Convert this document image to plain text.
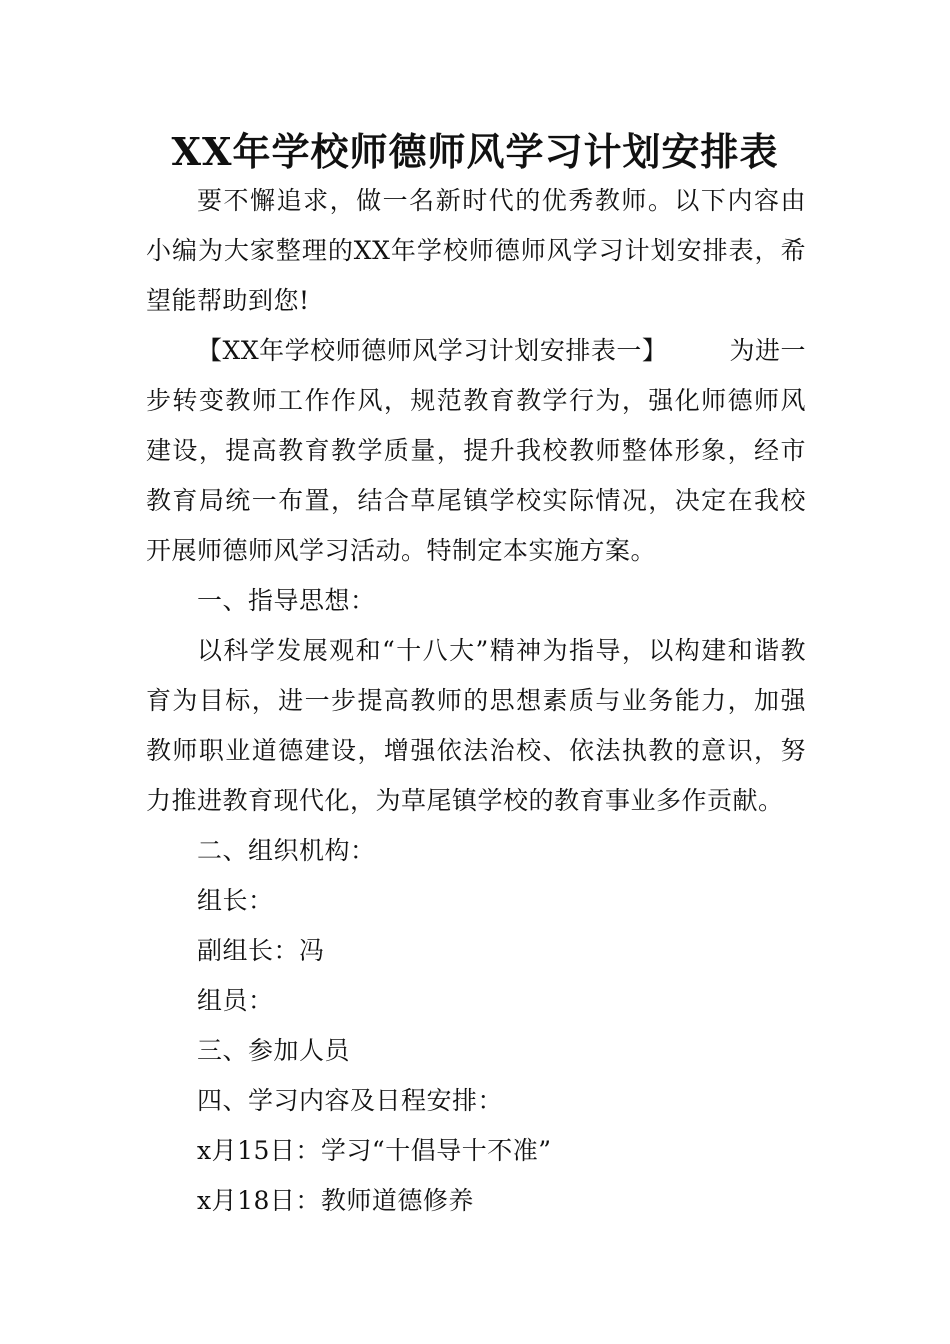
XX年学校师德师风学习计划安排表
要不懈追求，做一名新时代的优秀教师。以下内容由小编为大家整理的XX年学校师德师风学习计划安排表，希望能帮助到您!
【XX年学校师德师风学习计划安排表一】 为进一步转变教师工作作风，规范教育教学行为，强化师德师风建设，提高教育教学质量，提升我校教师整体形象，经市教育局统一布置，结合草尾镇学校实际情况，决定在我校开展师德师风学习活动。特制定本实施方案。
一、指导思想：
以科学发展观和“十八大”精神为指导，以构建和谐教育为目标，进一步提高教师的思想素质与业务能力，加强教师职业道德建设，增强依法治校、依法执教的意识，努力推进教育现代化，为草尾镇学校的教育事业多作贡献。
二、组织机构：
组长：
副组长：冯
组员：
三、参加人员
四、学习内容及日程安排：
x月15日：学习“十倡导十不准”
x月18日：教师道德修养
